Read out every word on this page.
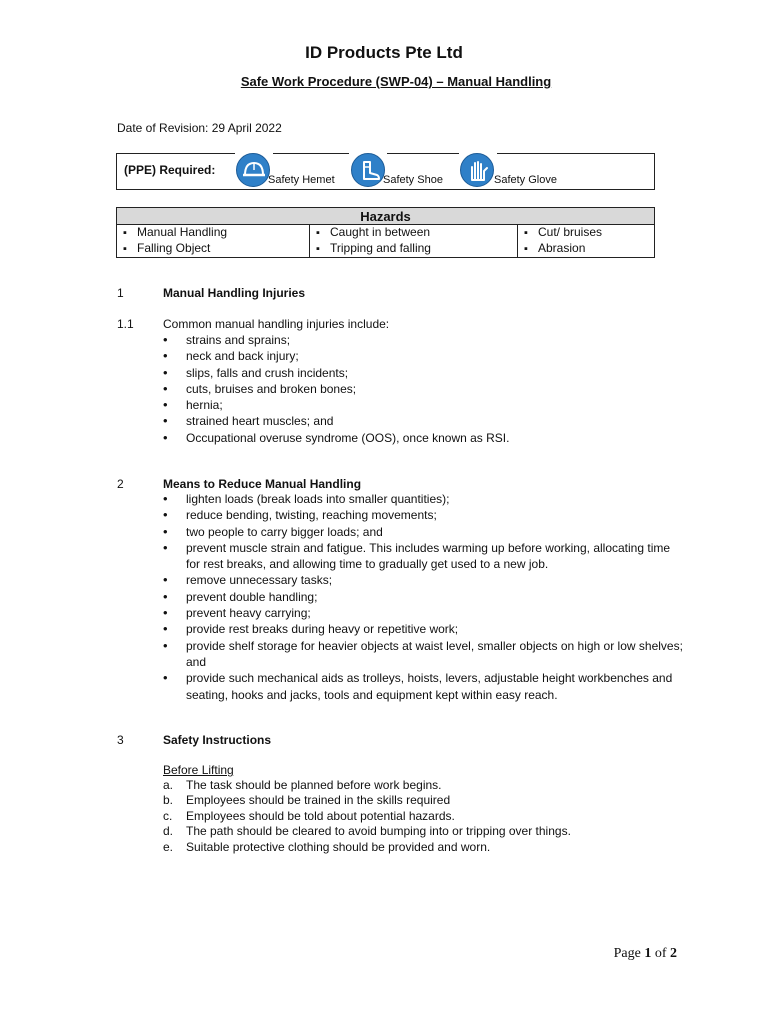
ID Products Pte Ltd
Safe Work Procedure (SWP-04) – Manual Handling
Date of Revision: 29 April 2022
(PPE) Required:
Safety Hemet	Safety Shoe	Safety Glove
Hazards

▪ Manual Handling
▪ Falling Object

▪ Caught in between
▪ Tripping and falling

▪ Cut/ bruises
▪ Abrasion
1	Manual Handling Injuries
1.1 Common manual handling injuries include:
• strains and sprains;
• neck and back injury;
• slips, falls and crush incidents;
• cuts, bruises and broken bones;
• hernia;
• strained heart muscles; and
• Occupational overuse syndrome (OOS), once known as RSI.
2	Means to Reduce Manual Handling
• lighten loads (break loads into smaller quantities);
• reduce bending, twisting, reaching movements;
• two people to carry bigger loads; and
• prevent muscle strain and fatigue. This includes warming up before working, allocating time for rest breaks, and allowing time to gradually get used to a new job.
• remove unnecessary tasks;
• prevent double handling;
• prevent heavy carrying;
• provide rest breaks during heavy or repetitive work;
• provide shelf storage for heavier objects at waist level, smaller objects on high or low shelves; and
• provide such mechanical aids as trolleys, hoists, levers, adjustable height workbenches and seating, hooks and jacks, tools and equipment kept within easy reach.
3	Safety Instructions
Before Lifting
a. The task should be planned before work begins.
b. Employees should be trained in the skills required
c. Employees should be told about potential hazards.
d. The path should be cleared to avoid bumping into or tripping over things.
e. Suitable protective clothing should be provided and worn.
Page 1 of 2
